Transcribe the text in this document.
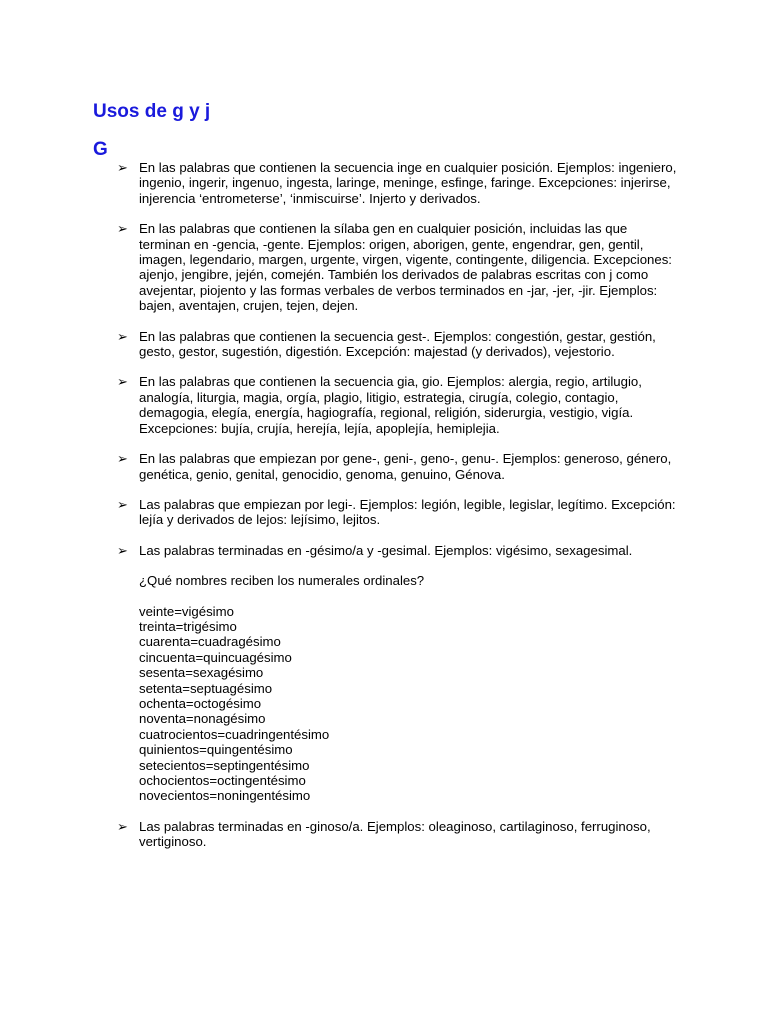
Usos de g y j
G
➢ En las palabras que contienen la secuencia inge en cualquier posición. Ejemplos: ingeniero, ingenio, ingerir, ingenuo, ingesta, laringe, meninge, esfinge, faringe. Excepciones: injerirse, injerencia ‘entrometerse’, ‘inmiscuirse’. Injerto y derivados.
➢ En las palabras que contienen la sílaba gen en cualquier posición, incluidas las que terminan en -gencia, -gente. Ejemplos: origen, aborigen, gente, engendrar, gen, gentil, imagen, legendario, margen, urgente, virgen, vigente, contingente, diligencia. Excepciones: ajenjo, jengibre, jején, comején. También los derivados de palabras escritas con j como avejentar, piojento y las formas verbales de verbos terminados en -jar, -jer, -jir. Ejemplos: bajen, aventajen, crujen, tejen, dejen.
➢ En las palabras que contienen la secuencia gest-. Ejemplos: congestión, gestar, gestión, gesto, gestor, sugestión, digestión. Excepción: majestad (y derivados), vejestorio.
➢ En las palabras que contienen la secuencia gia, gio. Ejemplos: alergia, regio, artilugio, analogía, liturgia, magia, orgía, plagio, litigio, estrategia, cirugía, colegio, contagio, demagogia, elegía, energía, hagiografía, regional, religión, siderurgia, vestigio, vigía. Excepciones: bujía, crujía, herejía, lejía, apoplejía, hemiplejia.
➢ En las palabras que empiezan por gene-, geni-, geno-, genu-. Ejemplos: generoso, género, genética, genio, genital, genocidio, genoma, genuino, Génova.
➢ Las palabras que empiezan por legi-. Ejemplos: legión, legible, legislar, legítimo. Excepción: lejía y derivados de lejos: lejísimo, lejitos.
➢ Las palabras terminadas en -gésimo/a y -gesimal. Ejemplos: vigésimo, sexagesimal.
¿Qué nombres reciben los numerales ordinales?
veinte=vigésimo
treinta=trigésimo
cuarenta=cuadragésimo
cincuenta=quincuagésimo
sesenta=sexagésimo
setenta=septuagésimo
ochenta=octogésimo
noventa=nonagésimo
cuatrocientos=cuadringentésimo
quinientos=quingentésimo
setecientos=septingentésimo
ochocientos=octingentésimo
novecientos=noningentésimo
➢ Las palabras terminadas en -ginoso/a. Ejemplos: oleaginoso, cartilaginoso, ferruginoso, vertiginoso.
